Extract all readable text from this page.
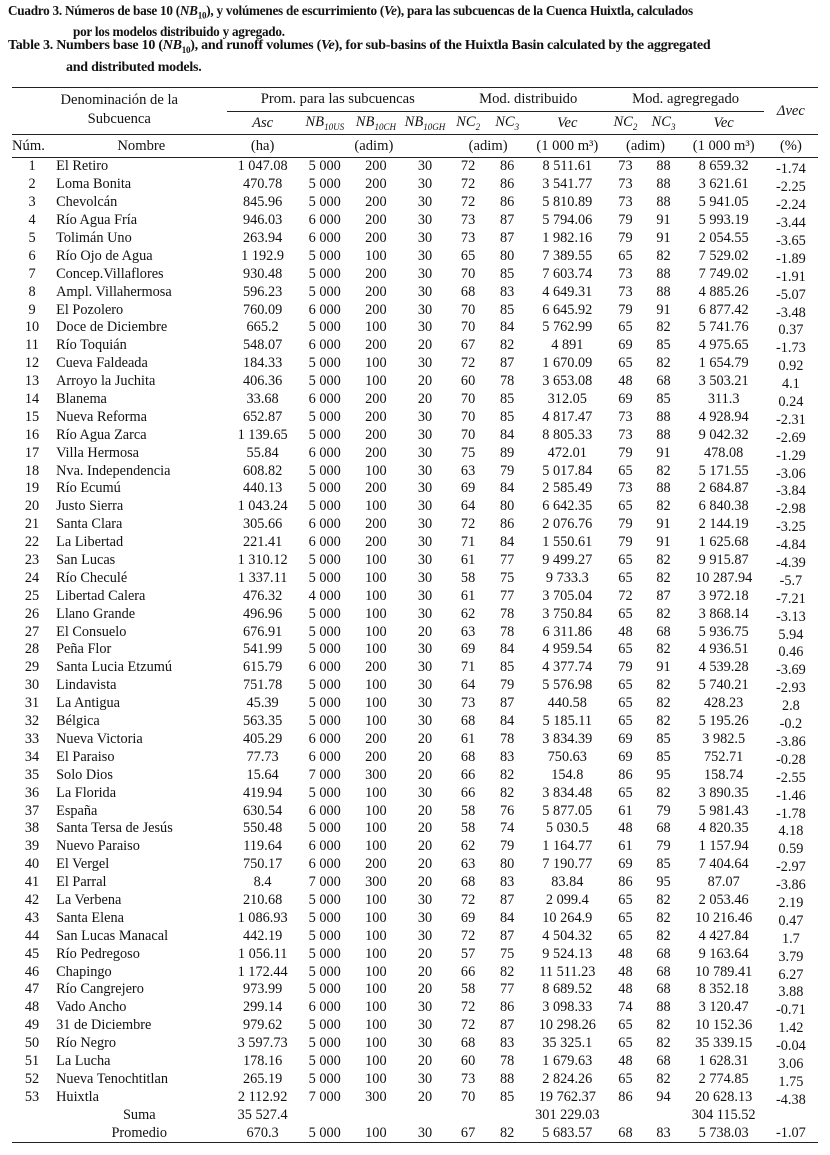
Cuadro 3. Números de base 10 $(NB_{10})$, y volúmenes de escurrimiento (Ve), para las subcuencas de la Cuenca Huixtla, calculados
por los modelos distribuido y agregado.
Table 3. Numbers base 10 $(NB_{10})$, and runoff volumes (Ve), for sub-basins of the Huixtla Basin calculated by the aggregated
and distributed models.
Denominación de la
Subcuenca		Prom. para las subcuencas				Mod. distribuido			Mod. agregregado			Δvec
		Asc	$NB_{10US}$	$NB_{10CH}$	$NB_{10GH}$	$NC_2$	$NC_3$	Vec	$NC_2$	$NC_3$	Vec	
Núm.	Nombre	(ha)	(adim)			(adim)		(1 000 m³)	(adim)		(1 000 m³)	(%)
1	El Retiro	1 047.08	5 000	200	30	72	86	8 511.61	73	88	8 659.32	-1.74
2	Loma Bonita	470.78	5 000	200	30	72	86	3 541.77	73	88	3 621.61	-2.25
3	Chevolcán	845.96	5 000	200	30	72	86	5 810.89	73	88	5 941.05	-2.24
4	Río Agua Fría	946.03	6 000	200	30	73	87	5 794.06	79	91	5 993.19	-3.44
5	Tolimán Uno	263.94	6 000	200	30	73	87	1 982.16	79	91	2 054.55	-3.65
6	Río Ojo de Agua	1 192.9	5 000	100	30	65	80	7 389.55	65	82	7 529.02	-1.89
7	Concep.Villaflores	930.48	5 000	200	30	70	85	7 603.74	73	88	7 749.02	-1.91
8	Ampl. Villahermosa	596.23	5 000	200	30	68	83	4 649.31	73	88	4 885.26	-5.07
9	El Pozolero	760.09	6 000	200	30	70	85	6 645.92	79	91	6 877.42	-3.48
10	Doce de Diciembre	665.2	5 000	100	30	70	84	5 762.99	65	82	5 741.76	0.37
11	Río Toquián	548.07	6 000	200	20	67	82	4 891	69	85	4 975.65	-1.73
12	Cueva Faldeada	184.33	5 000	100	30	72	87	1 670.09	65	82	1 654.79	0.92
13	Arroyo la Juchita	406.36	5 000	100	20	60	78	3 653.08	48	68	3 503.21	4.1
14	Blanema	33.68	6 000	200	20	70	85	312.05	69	85	311.3	0.24
15	Nueva Reforma	652.87	5 000	200	30	70	85	4 817.47	73	88	4 928.94	-2.31
16	Río Agua Zarca	1 139.65	5 000	200	30	70	84	8 805.33	73	88	9 042.32	-2.69
17	Villa Hermosa	55.84	6 000	200	30	75	89	472.01	79	91	478.08	-1.29
18	Nva. Independencia	608.82	5 000	100	30	63	79	5 017.84	65	82	5 171.55	-3.06
19	Río Ecumú	440.13	5 000	200	30	69	84	2 585.49	73	88	2 684.87	-3.84
20	Justo Sierra	1 043.24	5 000	100	30	64	80	6 642.35	65	82	6 840.38	-2.98
21	Santa Clara	305.66	6 000	200	30	72	86	2 076.76	79	91	2 144.19	-3.25
22	La Libertad	221.41	6 000	200	30	71	84	1 550.61	79	91	1 625.68	-4.84
23	San Lucas	1 310.12	5 000	100	30	61	77	9 499.27	65	82	9 915.87	-4.39
24	Río Checulé	1 337.11	5 000	100	30	58	75	9 733.3	65	82	10 287.94	-5.7
25	Libertad Calera	476.32	4 000	100	30	61	77	3 705.04	72	87	3 972.18	-7.21
26	Llano Grande	496.96	5 000	100	30	62	78	3 750.84	65	82	3 868.14	-3.13
27	El Consuelo	676.91	5 000	100	20	63	78	6 311.86	48	68	5 936.75	5.94
28	Peña Flor	541.99	5 000	100	30	69	84	4 959.54	65	82	4 936.51	0.46
29	Santa Lucia Etzumú	615.79	6 000	200	30	71	85	4 377.74	79	91	4 539.28	-3.69
30	Lindavista	751.78	5 000	100	30	64	79	5 576.98	65	82	5 740.21	-2.93
31	La Antigua	45.39	5 000	100	30	73	87	440.58	65	82	428.23	2.8
32	Bélgica	563.35	5 000	100	30	68	84	5 185.11	65	82	5 195.26	-0.2
33	Nueva Victoria	405.29	6 000	200	20	61	78	3 834.39	69	85	3 982.5	-3.86
34	El Paraiso	77.73	6 000	200	20	68	83	750.63	69	85	752.71	-0.28
35	Solo Dios	15.64	7 000	300	20	66	82	154.8	86	95	158.74	-2.55
36	La Florida	419.94	5 000	100	30	66	82	3 834.48	65	82	3 890.35	-1.46
37	España	630.54	6 000	100	20	58	76	5 877.05	61	79	5 981.43	-1.78
38	Santa Tersa de Jesús	550.48	5 000	100	20	58	74	5 030.5	48	68	4 820.35	4.18
39	Nuevo Paraiso	119.64	6 000	100	20	62	79	1 164.77	61	79	1 157.94	0.59
40	El Vergel	750.17	6 000	200	20	63	80	7 190.77	69	85	7 404.64	-2.97
41	El Parral	8.4	7 000	300	20	68	83	83.84	86	95	87.07	-3.86
42	La Verbena	210.68	5 000	100	30	72	87	2 099.4	65	82	2 053.46	2.19
43	Santa Elena	1 086.93	5 000	100	30	69	84	10 264.9	65	82	10 216.46	0.47
44	San Lucas Manacal	442.19	5 000	100	30	72	87	4 504.32	65	82	4 427.84	1.7
45	Río Pedregoso	1 056.11	5 000	100	20	57	75	9 524.13	48	68	9 163.64	3.79
46	Chapingo	1 172.44	5 000	100	20	66	82	11 511.23	48	68	10 789.41	6.27
47	Río Cangrejero	973.99	5 000	100	20	58	77	8 689.52	48	68	8 352.18	3.88
48	Vado Ancho	299.14	6 000	100	30	72	86	3 098.33	74	88	3 120.47	-0.71
49	31 de Diciembre	979.62	5 000	100	30	72	87	10 298.26	65	82	10 152.36	1.42
50	Río Negro	3 597.73	5 000	100	30	68	83	35 325.1	65	82	35 339.15	-0.04
51	La Lucha	178.16	5 000	100	20	60	78	1 679.63	48	68	1 628.31	3.06
52	Nueva Tenochtitlan	265.19	5 000	100	30	73	88	2 824.26	65	82	2 774.85	1.75
53	Huixtla	2 112.92	7 000	300	20	70	85	19 762.37	86	94	20 628.13	-4.38
Suma		35 527.4						301 229.03			304 115.52	
Promedio		670.3	5 000	100	30	67	82	5 683.57	68	83	5 738.03	-1.07
